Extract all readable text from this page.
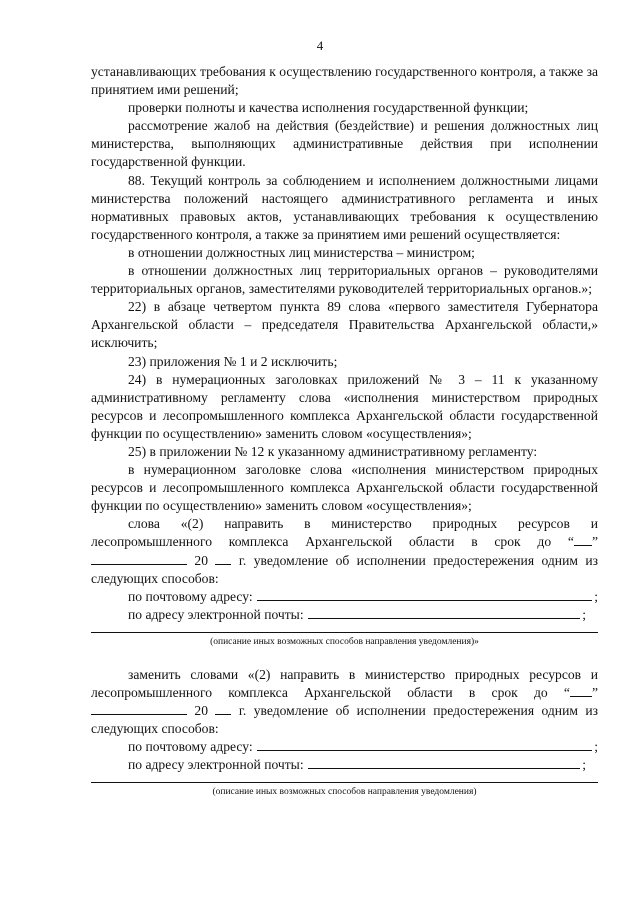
4

устанавливающих требования к осуществлению государственного контроля, а также за принятием ими решений;

проверки полноты и качества исполнения государственной функции;

рассмотрение жалоб на действия (бездействие) и решения должностных лиц министерства, выполняющих административные действия при исполнении государственной функции.

88. Текущий контроль за соблюдением и исполнением должностными лицами министерства положений настоящего административного регламента и иных нормативных правовых актов, устанавливающих требования к осуществлению государственного контроля, а также за принятием ими решений осуществляется:

в отношении должностных лиц министерства – министром;

в отношении должностных лиц территориальных органов – руководителями территориальных органов, заместителями руководителей территориальных органов.»;

22) в абзаце четвертом пункта 89 слова «первого заместителя Губернатора Архангельской области – председателя Правительства Архангельской области,» исключить;

23) приложения № 1 и 2 исключить;

24) в нумерационных заголовках приложений № 3 – 11 к указанному административному регламенту слова «исполнения министерством природных ресурсов и лесопромышленного комплекса Архангельской области государственной функции по осуществлению» заменить словом «осуществления»;

25) в приложении № 12 к указанному административному регламенту:

в нумерационном заголовке слова «исполнения министерством природных ресурсов и лесопромышленного комплекса Архангельской области государственной функции по осуществлению» заменить словом «осуществления»;

слова «(2) направить в министерство природных ресурсов и лесопромышленного комплекса Архангельской области в срок до “ ”  20 г. уведомление об исполнении предостережения одним из следующих способов:

по почтовому адресу:	;

по адресу электронной почты:	;

(описание иных возможных способов направления уведомления)»

заменить словами «(2) направить в министерство природных ресурсов и лесопромышленного комплекса Архангельской области в срок до “ ”  20 г. уведомление об исполнении предостережения одним из следующих способов:

по почтовому адресу:	;

по адресу электронной почты:	;

(описание иных возможных способов направления уведомления)
